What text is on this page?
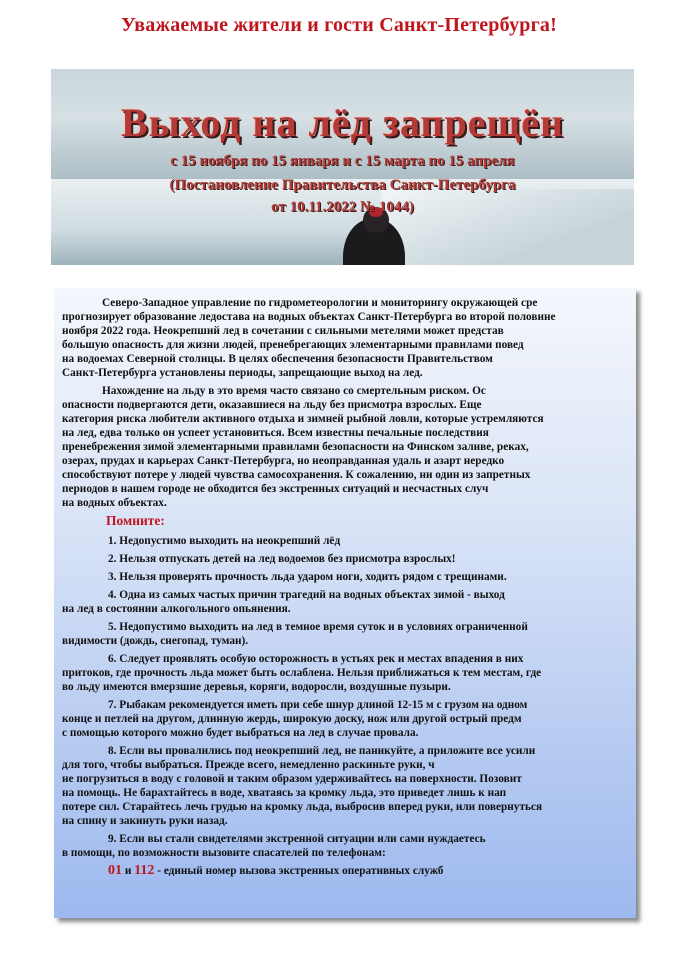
Уважаемые жители и гости Санкт-Петербурга!
Выход на лёд запрещён
с 15 ноября по 15 января и с 15 марта по 15 апреля
(Постановление Правительства Санкт-Петербурга
от 10.11.2022 № 1044)
Северо-Западное управление по гидрометеорологии и мониторингу окружающей сре
прогнозирует образование ледостава на водных объектах Санкт-Петербурга во второй половине
ноября 2022 года. Неокрепший лед в сочетании с сильными метелями может представ
большую опасность для жизни людей, пренебрегающих элементарными правилами повед
на водоемах Северной столицы. В целях обеспечения безопасности Правительством
Санкт-Петербурга установлены периоды, запрещающие выход на лед.
Нахождение на льду в это время часто связано со смертельным риском. Ос
опасности подвергаются дети, оказавшиеся на льду без присмотра взрослых. Еще
категория риска любители активного отдыха и зимней рыбной ловли, которые устремляются
на лед, едва только он успеет установиться. Всем известны печальные последствия
пренебрежения зимой элементарными правилами безопасности на Финском заливе, реках,
озерах, прудах и карьерах Санкт-Петербурга, но неоправданная удаль и азарт нередко
способствуют потере у людей чувства самосохранения. К сожалению, ни один из запретных
периодов в нашем городе не обходится без экстренных ситуаций и несчастных случ
на водных объектах.
Помните:
1. Недопустимо выходить на неокрепший лёд
2. Нельзя отпускать детей на лед водоемов без присмотра взрослых!
3. Нельзя проверять прочность льда ударом ноги, ходить рядом с трещинами.
4. Одна из самых частых причин трагедий на водных объектах зимой - выход
на лед в состоянии алкогольного опьянения.
5. Недопустимо выходить на лед в темное время суток и в условиях ограниченной
видимости (дождь, снегопад, туман).
6. Следует проявлять особую осторожность в устьях рек и местах впадения в них
притоков, где прочность льда может быть ослаблена. Нельзя приближаться к тем местам, где
во льду имеются вмерзшие деревья, коряги, водоросли, воздушные пузыри.
7. Рыбакам рекомендуется иметь при себе шнур длиной 12-15 м с грузом на одном
конце и петлей на другом, длинную жердь, широкую доску, нож или другой острый предм
с помощью которого можно будет выбраться на лед в случае провала.
8. Если вы провалились под неокрепший лед, не паникуйте, а приложите все усили
для того, чтобы выбраться. Прежде всего, немедленно раскиньте руки, ч
не погрузиться в воду с головой и таким образом удерживайтесь на поверхности. Позовит
на помощь. Не барахтайтесь в воде, хватаясь за кромку льда, это приведет лишь к нап
потере сил. Старайтесь лечь грудью на кромку льда, выбросив вперед руки, или повернуться
на спину и закинуть руки назад.
9. Если вы стали свидетелями экстренной ситуации или сами нуждаетесь
в помощи, по возможности вызовите спасателей по телефонам:
01 и 112 - единый номер вызова экстренных оперативных служб
